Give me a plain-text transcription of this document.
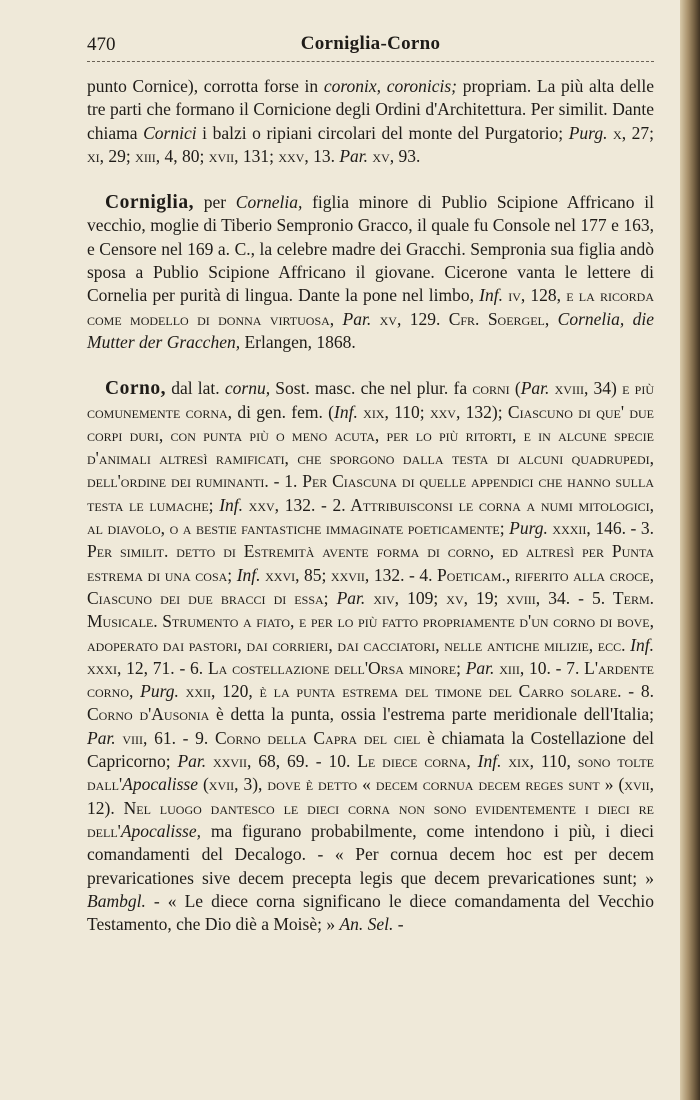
470	Corniglia-Corno

punto Cornice), corrotta forse in coronix, coronicis; propriam. La più alta delle tre parti che formano il Cornicione degli Ordini d'Architettura. Per similit. Dante chiama Cornici i balzi o ripiani circolari del monte del Purgatorio; Purg. x, 27; xi, 29; xiii, 4, 80; xvii, 131; xxv, 13. Par. xv, 93.

Corniglia, per Cornelia, figlia minore di Publio Scipione Affricano il vecchio, moglie di Tiberio Sempronio Gracco, il quale fu Console nel 177 e 163, e Censore nel 169 a. C., la celebre madre dei Gracchi. Sempronia sua figlia andò sposa a Publio Scipione Affricano il giovane. Cicerone vanta le lettere di Cornelia per purità di lingua. Dante la pone nel limbo, Inf. iv, 128, e la ricorda come modello di donna virtuosa, Par. xv, 129. Cfr. Soergel, Cornelia, die Mutter der Gracchen, Erlangen, 1868.

Corno, dal lat. cornu, Sost. masc. che nel plur. fa corni (Par. xviii, 34) e più comunemente corna, di gen. fem. (Inf. xix, 110; xxv, 132); Ciascuno di que' due corpi duri, con punta più o meno acuta, per lo più ritorti, e in alcune specie d'animali altresì ramificati, che sporgono dalla testa di alcuni quadrupedi, dell'ordine dei ruminanti. - 1. Per Ciascuna di quelle appendici che hanno sulla testa le lumache; Inf. xxv, 132. - 2. Attribuisconsi le corna a numi mitologici, al diavolo, o a bestie fantastiche immaginate poeticamente; Purg. xxxii, 146. - 3. Per similit. detto di Estremità avente forma di corno, ed altresì per Punta estrema di una cosa; Inf. xxvi, 85; xxvii, 132. - 4. Poeticam., riferito alla croce, Ciascuno dei due bracci di essa; Par. xiv, 109; xv, 19; xviii, 34. - 5. Term. Musicale. Strumento a fiato, e per lo più fatto propriamente d'un corno di bove, adoperato dai pastori, dai corrieri, dai cacciatori, nelle antiche milizie, ecc. Inf. xxxi, 12, 71. - 6. La costellazione dell'Orsa minore; Par. xiii, 10. - 7. L'ardente corno, Purg. xxii, 120, è la punta estrema del timone del Carro solare. - 8. Corno d'Ausonia è detta la punta, ossia l'estrema parte meridionale dell'Italia; Par. viii, 61. - 9. Corno della Capra del ciel è chiamata la Costellazione del Capricorno; Par. xxvii, 68, 69. - 10. Le diece corna, Inf. xix, 110, sono tolte dall'Apocalisse (xvii, 3), dove è detto « decem cornua decem reges sunt » (xvii, 12). Nel luogo dantesco le dieci corna non sono evidentemente i dieci re dell'Apocalisse, ma figurano probabilmente, come intendono i più, i dieci comandamenti del Decalogo. - « Per cornua decem hoc est per decem prevaricationes sive decem precepta legis que decem prevaricationes sunt; » Bambgl. - « Le diece corna significano le diece comandamenta del Vecchio Testamento, che Dio diè a Moisè; » An. Sel. -
